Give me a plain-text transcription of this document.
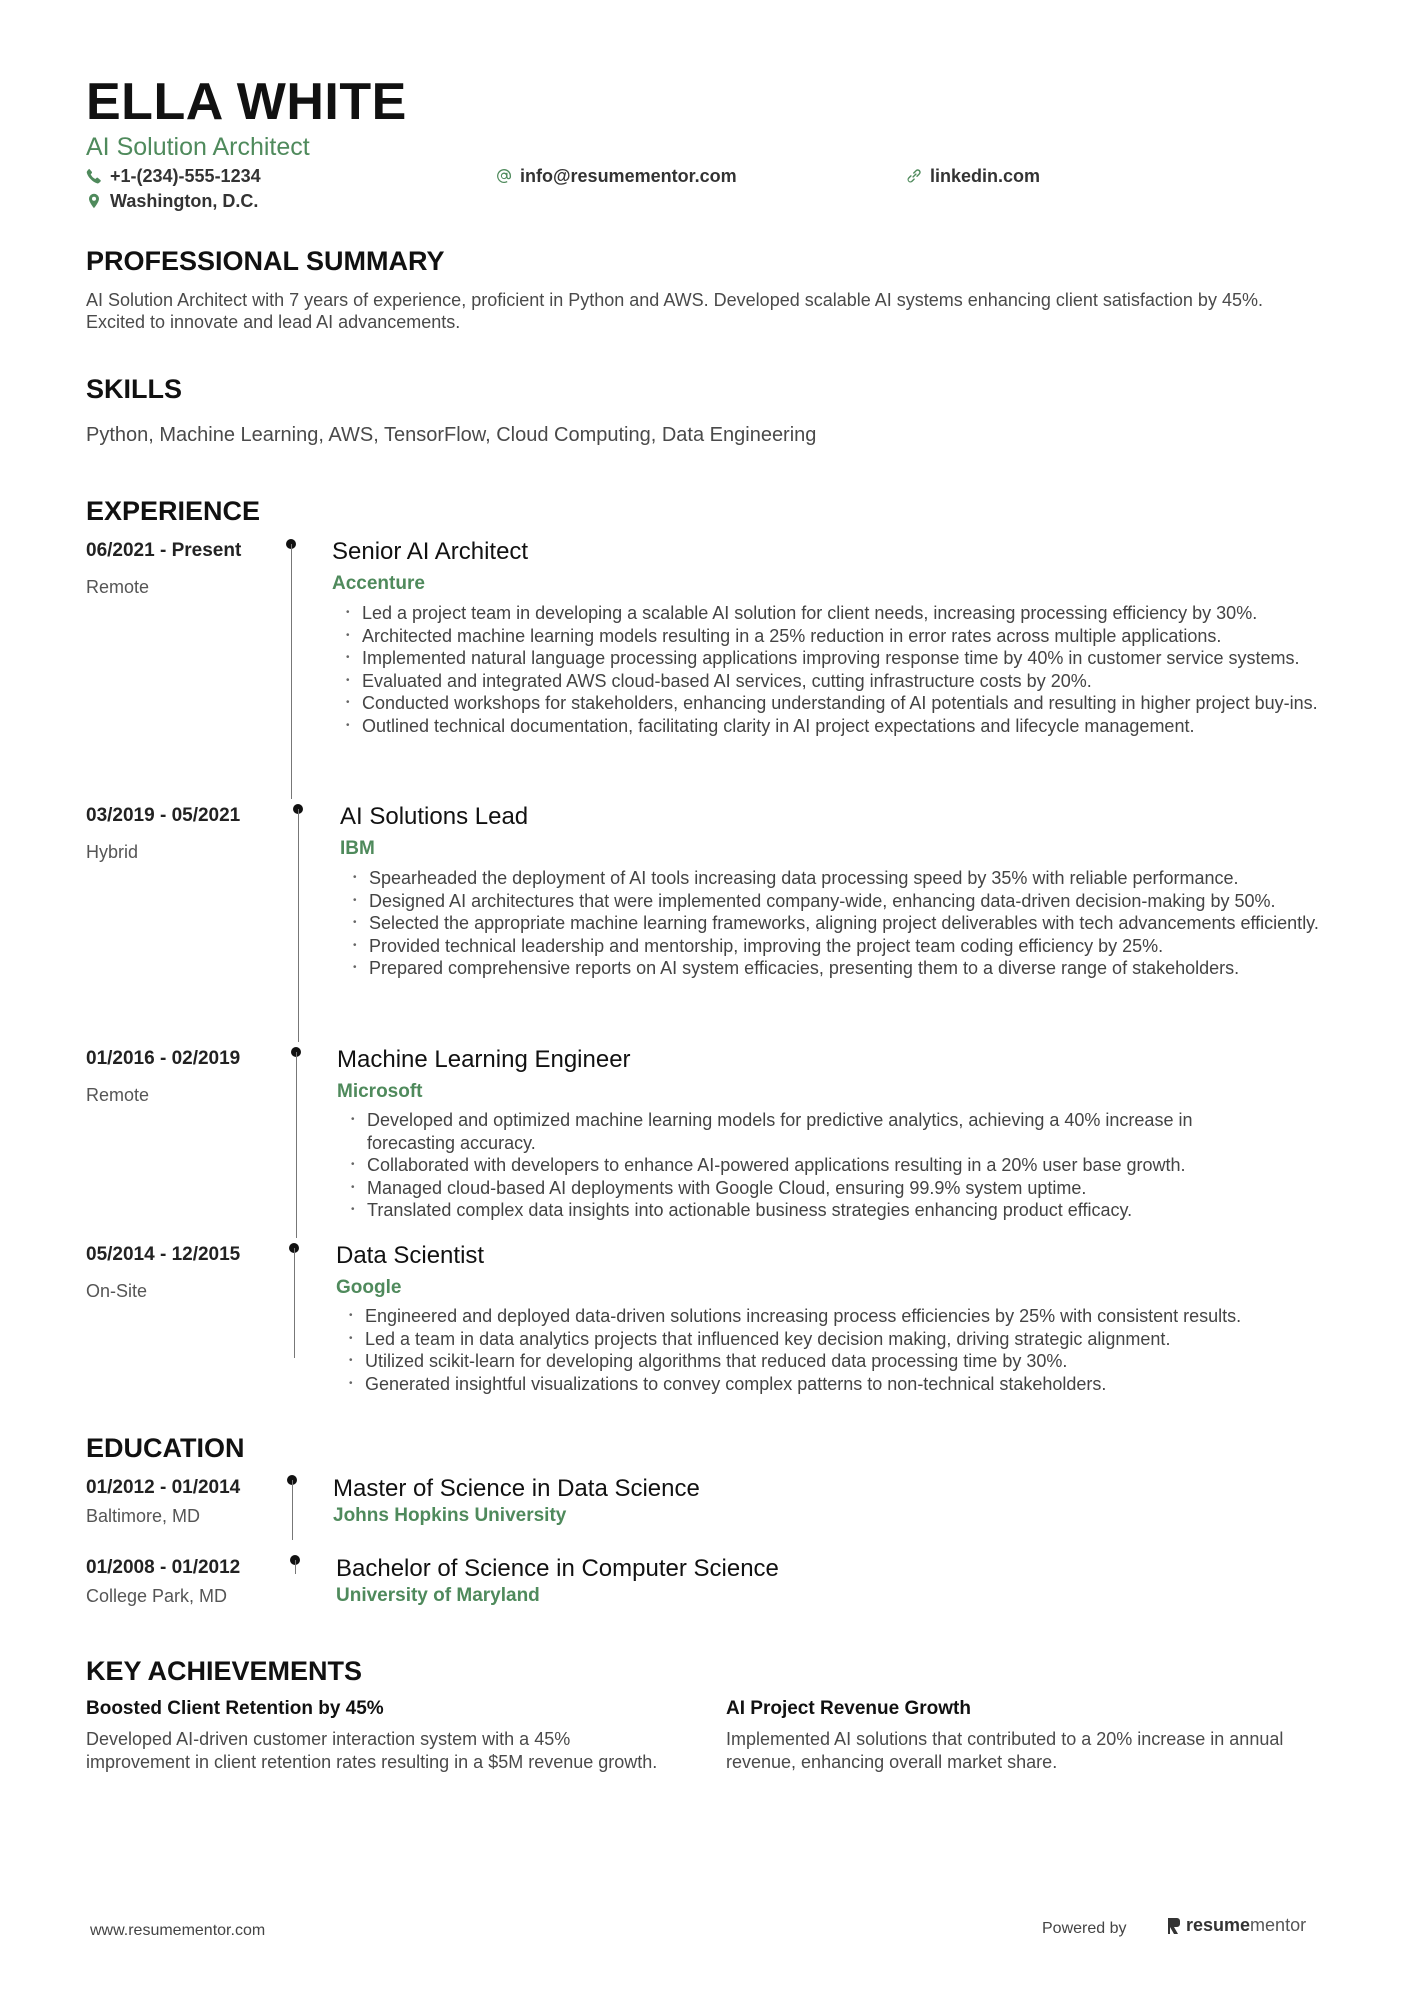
ELLA WHITE
AI Solution Architect
+1-(234)-555-1234	info@resumementor.com	linkedin.com
Washington, D.C.
PROFESSIONAL SUMMARY
AI Solution Architect with 7 years of experience, proficient in Python and AWS. Developed scalable AI systems enhancing client satisfaction by 45%. Excited to innovate and lead AI advancements.
SKILLS
Python, Machine Learning, AWS, TensorFlow, Cloud Computing, Data Engineering
EXPERIENCE
06/2021 - Present
Remote
Senior AI Architect
Accenture
• Led a project team in developing a scalable AI solution for client needs, increasing processing efficiency by 30%.
• Architected machine learning models resulting in a 25% reduction in error rates across multiple applications.
• Implemented natural language processing applications improving response time by 40% in customer service systems.
• Evaluated and integrated AWS cloud-based AI services, cutting infrastructure costs by 20%.
• Conducted workshops for stakeholders, enhancing understanding of AI potentials and resulting in higher project buy-ins.
• Outlined technical documentation, facilitating clarity in AI project expectations and lifecycle management.
03/2019 - 05/2021
Hybrid
AI Solutions Lead
IBM
• Spearheaded the deployment of AI tools increasing data processing speed by 35% with reliable performance.
• Designed AI architectures that were implemented company-wide, enhancing data-driven decision-making by 50%.
• Selected the appropriate machine learning frameworks, aligning project deliverables with tech advancements efficiently.
• Provided technical leadership and mentorship, improving the project team coding efficiency by 25%.
• Prepared comprehensive reports on AI system efficacies, presenting them to a diverse range of stakeholders.
01/2016 - 02/2019
Remote
Machine Learning Engineer
Microsoft
• Developed and optimized machine learning models for predictive analytics, achieving a 40% increase in forecasting accuracy.
• Collaborated with developers to enhance AI-powered applications resulting in a 20% user base growth.
• Managed cloud-based AI deployments with Google Cloud, ensuring 99.9% system uptime.
• Translated complex data insights into actionable business strategies enhancing product efficacy.
05/2014 - 12/2015
On-Site
Data Scientist
Google
• Engineered and deployed data-driven solutions increasing process efficiencies by 25% with consistent results.
• Led a team in data analytics projects that influenced key decision making, driving strategic alignment.
• Utilized scikit-learn for developing algorithms that reduced data processing time by 30%.
• Generated insightful visualizations to convey complex patterns to non-technical stakeholders.
EDUCATION
01/2012 - 01/2014
Baltimore, MD
Master of Science in Data Science
Johns Hopkins University
01/2008 - 01/2012
College Park, MD
Bachelor of Science in Computer Science
University of Maryland
KEY ACHIEVEMENTS
Boosted Client Retention by 45%
Developed AI-driven customer interaction system with a 45% improvement in client retention rates resulting in a $5M revenue growth.
AI Project Revenue Growth
Implemented AI solutions that contributed to a 20% increase in annual revenue, enhancing overall market share.
www.resumementor.com	Powered by	resume mentor
